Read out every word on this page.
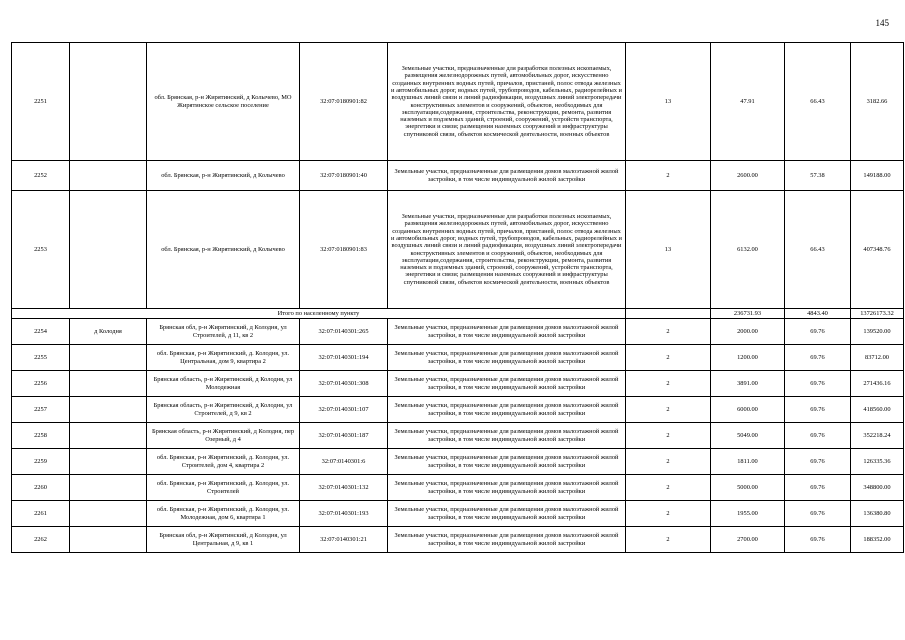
145
2251		обл. Брянская, р-н Жирятинский, д Колычево, МО Жирятинское сельское поселение	32:07:0180901:82	Земельные участки, предназначенные для разработки полезных ископаемых, размещения железнодорожных путей, автомобильных дорог, искусственно созданных внутренних водных путей, причалов, пристаней, полос отвода железных и автомобильных дорог, водных путей, трубопроводов, кабельных, радиорелейных и воздушных линий связи и линий радиофикации, воздушных линий электропередачи конструктивных элементов и сооружений, объектов, необходимых для эксплуатации,содержания, строительства, реконструкции, ремонта, развития наземных и подземных зданий, строений, сооружений, устройств транспорта, энергетики и связи; размещения наземных сооружений и инфраструктуры спутниковой связи, объектов космической деятельности, военных объектов	13	47.91	66.43	3182.66
2252		обл. Брянская, р-н Жирятинский, д Колычево	32:07:0180901:40	Земельные участки, предназначенные для размещения домов малоэтажной жилой застройки, в том числе индивидуальной жилой застройки	2	2600.00	57.38	149188.00
2253		обл. Брянская, р-н Жирятинский, д Колычево	32:07:0180901:83	Земельные участки, предназначенные для разработки полезных ископаемых, размещения железнодорожных путей, автомобильных дорог, искусственно созданных внутренних водных путей, причалов, пристаней, полос отвода железных и автомобильных дорог, водных путей, трубопроводов, кабельных, радиорелейных и воздушных линий связи и линий радиофикации, воздушных линий электропередачи конструктивных элементов и сооружений, объектов, необходимых для эксплуатации,содержания, строительства, реконструкции, ремонта, развития наземных и подземных зданий, строений, сооружений, устройств транспорта, энергетики и связи; размещения наземных сооружений и инфраструктуры спутниковой связи, объектов космической деятельности, военных объектов	13	6132.00	66.43	407348.76
Итого по населенному пункту						236731.93	4843.40	13726173.32
2254	д Колодня	Брянская обл, р-н Жирятинский, д Колодня, ул Строителей, д 11, кв 2	32:07:0140301:265	Земельные участки, предназначенные для размещения домов малоэтажной жилой застройки, в том числе индивидуальной жилой застройки	2	2000.00	69.76	139520.00
2255		обл. Брянская, р-н Жирятинский, д. Колодня, ул. Центральная, дом 9, квартира 2	32:07:0140301:194	Земельные участки, предназначенные для размещения домов малоэтажной жилой застройки, в том числе индивидуальной жилой застройки	2	1200.00	69.76	83712.00
2256		Брянская область, р-н Жирятинский, д Колодня, ул Молодежная	32:07:0140301:308	Земельные участки, предназначенные для размещения домов малоэтажной жилой застройки, в том числе индивидуальной жилой застройки	2	3891.00	69.76	271436.16
2257		Брянская область, р-н Жирятинский, д Колодня, ул Строителей, д 9, кв 2	32:07:0140301:107	Земельные участки, предназначенные для размещения домов малоэтажной жилой застройки, в том числе индивидуальной жилой застройки	2	6000.00	69.76	418560.00
2258		Брянская область, р-н Жирятинский, д Колодня, пер Озерный, д 4	32:07:0140301:187	Земельные участки, предназначенные для размещения домов малоэтажной жилой застройки, в том числе индивидуальной жилой застройки	2	5049.00	69.76	352218.24
2259		обл. Брянская, р-н Жирятинский, д. Колодня, ул. Строителей, дом 4, квартира 2	32:07:0140301:6	Земельные участки, предназначенные для размещения домов малоэтажной жилой застройки, в том числе индивидуальной жилой застройки	2	1811.00	69.76	126335.36
2260		обл. Брянская, р-н Жирятинский, д. Колодня, ул. Строителей	32:07:0140301:132	Земельные участки, предназначенные для размещения домов малоэтажной жилой застройки, в том числе индивидуальной жилой застройки	2	5000.00	69.76	348800.00
2261		обл. Брянская, р-н Жирятинский, д. Колодня, ул. Молодежная, дом 6, квартира 1	32:07:0140301:193	Земельные участки, предназначенные для размещения домов малоэтажной жилой застройки, в том числе индивидуальной жилой застройки	2	1955.00	69.76	136380.80
2262		Брянская обл, р-н Жирятинский, д Колодня, ул Центральная, д 9, кв 1	32:07:0140301:21	Земельные участки, предназначенные для размещения домов малоэтажной жилой застройки, в том числе индивидуальной жилой застройки	2	2700.00	69.76	188352.00
